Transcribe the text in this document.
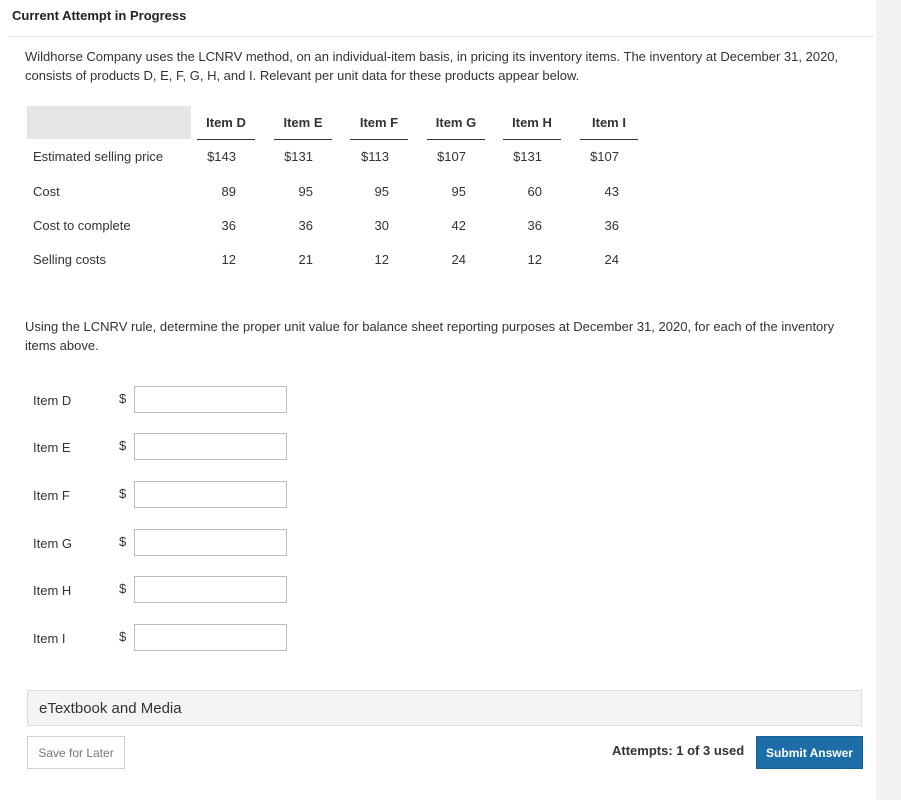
Current Attempt in Progress
Wildhorse Company uses the LCNRV method, on an individual-item basis, in pricing its inventory items. The inventory at December 31, 2020, consists of products D, E, F, G, H, and I. Relevant per unit data for these products appear below.
Item D	Item E	Item F	Item G	Item H	Item I
Estimated selling price	$143	$131	$113	$107	$131	$107
Cost	89	95	95	95	60	43
Cost to complete	36	36	30	42	36	36
Selling costs	12	21	12	24	12	24
Using the LCNRV rule, determine the proper unit value for balance sheet reporting purposes at December 31, 2020, for each of the inventory items above.
Item D	$
Item E	$
Item F	$
Item G	$
Item H	$
Item I	$
eTextbook and Media
Save for Later	Attempts: 1 of 3 used	Submit Answer
